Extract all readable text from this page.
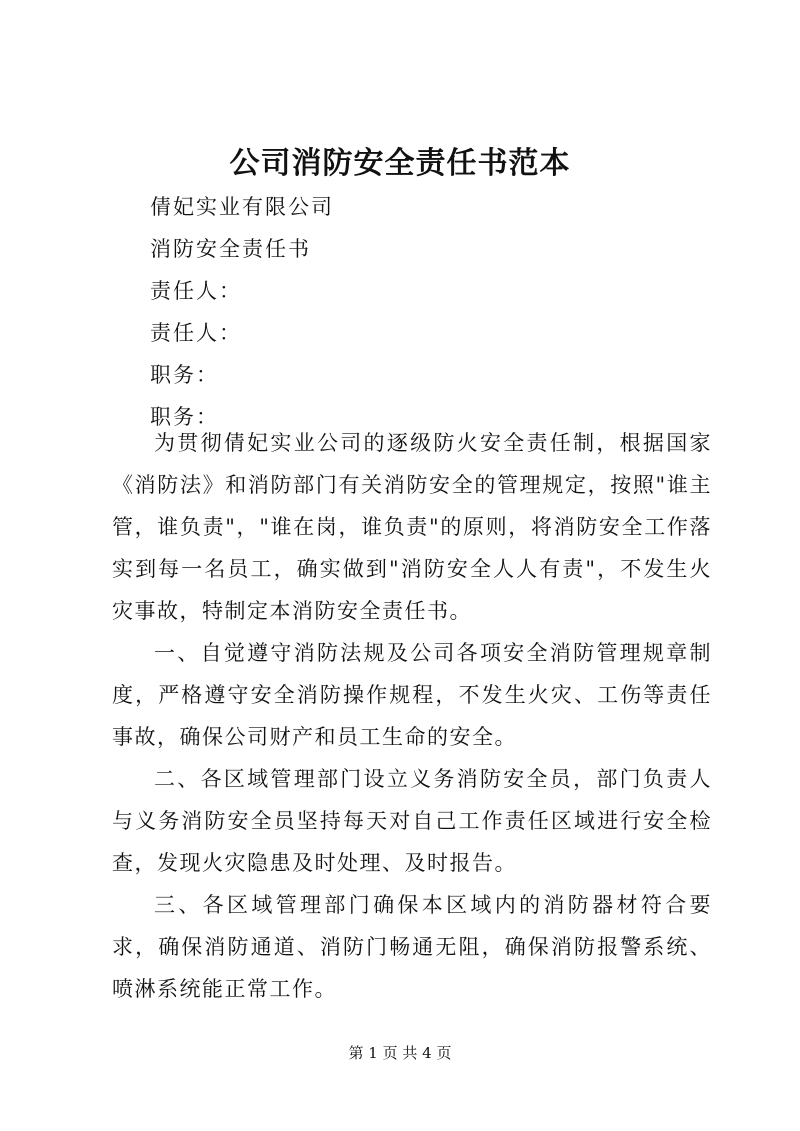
公司消防安全责任书范本
倩妃实业有限公司
消防安全责任书
责任人：
责任人：
职务：
职务：

为贯彻倩妃实业公司的逐级防火安全责任制，根据国家《消防法》和消防部门有关消防安全的管理规定，按照"谁主管，谁负责"，"谁在岗，谁负责"的原则，将消防安全工作落实到每一名员工，确实做到"消防安全人人有责"，不发生火灾事故，特制定本消防安全责任书。

一、自觉遵守消防法规及公司各项安全消防管理规章制度，严格遵守安全消防操作规程，不发生火灾、工伤等责任事故，确保公司财产和员工生命的安全。

二、各区域管理部门设立义务消防安全员，部门负责人与义务消防安全员坚持每天对自己工作责任区域进行安全检查，发现火灾隐患及时处理、及时报告。

三、各区域管理部门确保本区域内的消防器材符合要求，确保消防通道、消防门畅通无阻，确保消防报警系统、喷淋系统能正常工作。

第 1 页 共 4 页
